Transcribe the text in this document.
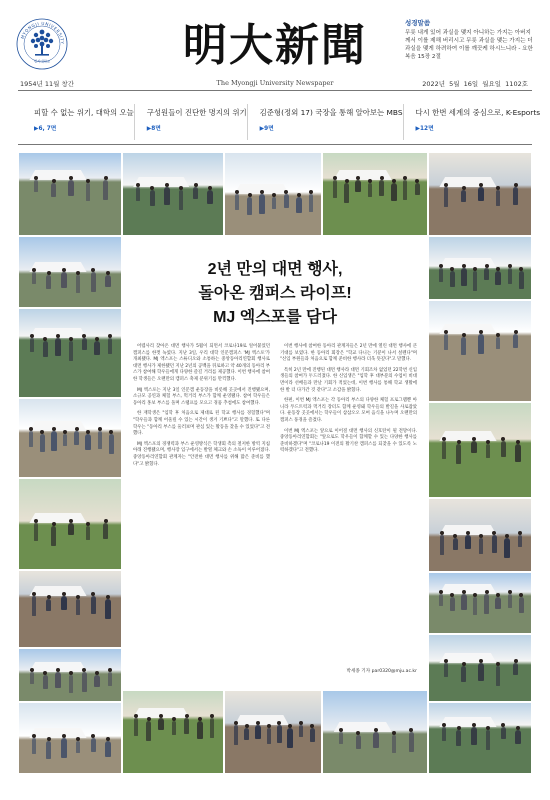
MYONGJI UNIVERSITY
명지대학교
1954년 11월 창간
明大新聞
The Myongji University Newspaper	2022년 5월 16일 월요일 1102호
성경말씀
무릇 내게 있어 과실을 맺지 아니하는 가지는 아버지께서 이를 제해 버리시고 무릇 과실을 맺는 가지는 더 과실을 맺게 하려하여 이를 깨끗케 하시느니라 - 요한복음 15장 2절
피할 수 없는 위기, 대학의 오늘
▶6, 7면
구성원들이 진단한 명지의 위기
▶8면
김준형(정외 17) 국장을 통해 알아보는 MBS
▶9면
다시 한번 세계의 중심으로, K-Esports
▶12면
2년 만의 대면 행사,
돌아온 캠퍼스 라이프!
MJ 엑스포를 담다

어렵사리 찾아온 대면 행사가 5월이 되면서 코로나19로 얼어붙었던 캠퍼스를 한껏 녹였다. 지난 3일, 우리 대학 인문캠퍼스 'MJ 엑스포'가 개최됐다. MJ 엑스포는 스튜디오와 소통하는 중앙동아리연합회 행사로 대면 행사가 제한됐던 지난 2년의 공백을 뒤로하고 약 40개의 동아리 부스가 참여해 학우들에게 다양한 즐길 거리를 제공했다. 이번 행사에 참여한 학생들은 오랜만의 캠퍼스 축제 분위기를 만끽했다.

MJ 엑스포는 지난 3일 인문캠 운동장을 비롯해 곳곳에서 진행됐으며, 소규모 공연과 체험 부스, 먹거리 부스가 함께 운영됐다. 참여 학우들은 동아리 홍보 부스를 돌며 스탬프를 모으고 경품 추첨에도 참여했다.

한 재학생은 "입학 후 처음으로 제대로 된 학교 행사를 경험했다"며 "학우들과 함께 어울릴 수 있는 시간이 생겨 기쁘다"고 말했다. 또 다른 학우는 "동아리 부스를 둘러보며 관심 있는 활동을 찾을 수 있었다"고 전했다.

MJ 엑스포의 경쟁력과 부스 운영방식은 학생회 측의 철저한 방역 지침 아래 진행됐으며, 행사장 입구에서는 발열 체크와 손 소독이 이루어졌다. 중앙동아리연합회 관계자는 "안전한 대면 행사를 위해 많은 준비를 했다"고 밝혔다.

이번 행사에 참여한 동아리 관계자들은 2년 만에 열린 대면 행사에 큰 기대를 보였다. 한 동아리 회장은 "학교 다니는 기분이 나서 설렌다"며 "신입 부원들과 처음으로 함께 준비한 행사라 더욱 뜻깊다"고 말했다.

특히 2년 만에 진행된 대면 행사라 대면 기회조차 없었던 22학번 신입생들의 참여가 두드러졌다. 한 신입생은 "입학 후 대부분의 수업이 비대면이라 선배들과 만날 기회가 적었는데, 이번 행사를 통해 학교 생활에 한 발 더 다가간 것 같다"고 소감을 밝혔다.

한편, 이번 MJ 엑스포는 각 동아리 부스의 다양한 체험 프로그램뿐 아니라 푸드트럭과 먹거리 장터도 함께 운영돼 학우들의 발길을 사로잡았다. 운동장 곳곳에서는 학우들이 삼삼오오 모여 음식을 나누며 오랜만의 캠퍼스 풍경을 즐겼다.

이번 MJ 엑스포는 앞으로 이어질 대면 행사의 신호탄이 될 전망이다. 중앙동아리연합회는 "앞으로도 학우들이 함께할 수 있는 다양한 행사를 준비하겠다"며 "코로나19 이전의 활기찬 캠퍼스를 되찾을 수 있도록 노력하겠다"고 전했다.

박세종 기자 par0320@mju.ac.kr
